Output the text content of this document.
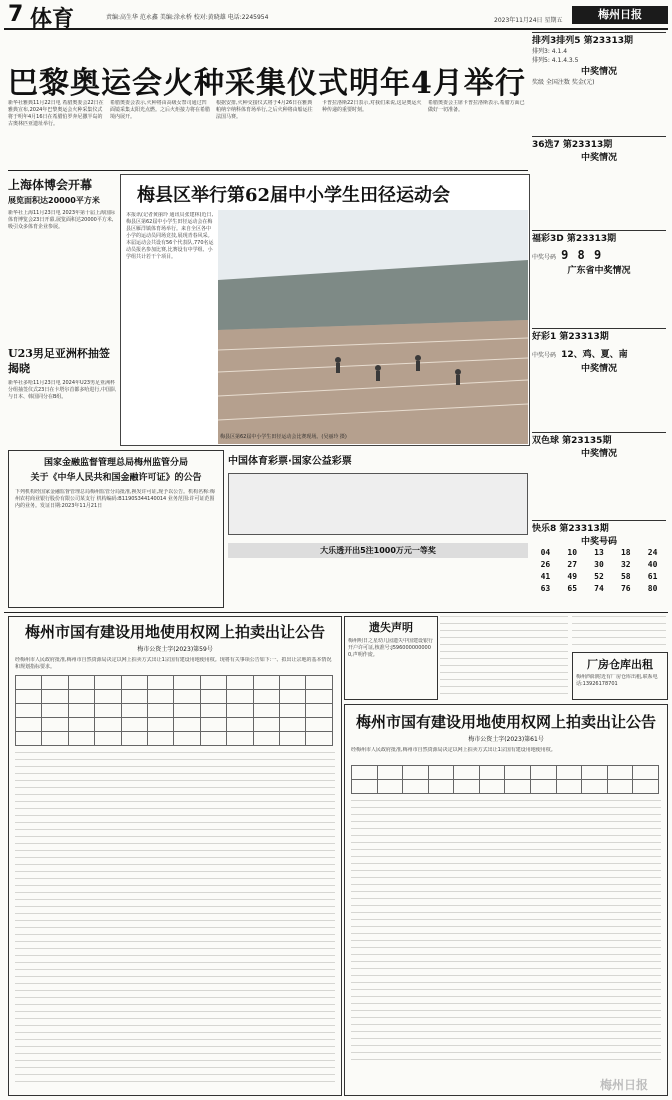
7 体育	责编:高生华 范永鑫 美编:涂永桥 校对:黄晓雄 电话:2245954	2023年11月24日 星期五	梅州日报
巴黎奥运会火种采集仪式明年4月举行
新华社雅典11月22日电 希腊奥委会22日在雅典宣布,2024年巴黎奥运会火种采集仪式将于明年4月16日在希腊伯罗奔尼撒半岛的古奥林匹亚遗址举行。
希腊奥委会表示,火种将由高级女祭司通过凹面镜采集太阳光点燃。之后火炬接力将在希腊境内展开。
根据安排,火种交接仪式将于4月26日在雅典帕纳辛纳科体育场举行,之后火种将由船运往法国马赛。
卡普拉洛斯22日表示,对我们来说,这是奥运火种传递的重要时刻。
希腊奥委会主席卡普拉洛斯表示,希腊方面已做好一切准备。
上海体博会开幕
展览面积达20000平方米
新华社上海11月23日电 2023年第十届上海国际体育博览会23日开幕,展览面积达20000平方米,吸引众多体育企业参展。
U23男足亚洲杯抽签揭晓
新华社多哈11月23日电 2024年U23男足亚洲杯分组抽签仪式23日在卡塔尔首都多哈进行,中国队与日本、韩国同分在B组。
梅县区举行第62届中小学生田径运动会
本报讯(记者黄丽玲 通讯员张建林)近日,梅县区第62届中小学生田径运动会在梅县区雁洋镇体育场举行。来自全区各中小学的运动员同场竞技,展现青春风采。本届运动会共设有56个代表队,770名运动员报名参加比赛,比赛设有中学组、小学组共计若干个项目。
梅县区第62届中小学生田径运动会比赛现场。(吴丽玲 摄)
国家金融监督管理总局梅州监管分局
关于《中华人民共和国金融许可证》的公告
下列机构经国家金融监督管理总局梅州监管分局批准,换发许可证,现予以公告。机构名称:梅州农村商业银行股份有限公司某支行 机构编码:B1190S344140014 业务范围:许可证范围内的业务。发证日期:2023年11月21日
中国体育彩票·国家公益彩票
大乐透开出5注1000万元一等奖
排列3排列5 第23313期
排列3: 4.1.4
排列5: 4.1.4.3.5
中奖情况
奖级 全国注数 奖金(元)
36选7 第23313期
中奖情况
福彩3D 第23313期
中奖号码 9 8 9
广东省中奖情况
好彩1 第23313期
中奖号码 12、鸡、夏、南
中奖情况
双色球 第23135期
中奖情况
快乐8 第23313期
中奖号码
04	10	13	18	24
26	27	30	32	40
41	49	52	58	61
63	65	74	76	80
梅州市国有建设用地使用权网上拍卖出让公告
梅市公资土字(2023)第59号
经梅州市人民政府批准,梅州市自然资源局决定以网上拍卖方式出让1宗国有建设用地使用权。现将有关事项公告如下:一、拟出让宗地的基本情况和规划指标要求。

遗失声明
梅州明日之星幼儿园遗失中国建设银行开户许可证,核准号:J5960000000000,声明作废。
厂房仓库出租
梅州西阳附近有厂房仓库出租,联系电话:13926178701
梅州市国有建设用地使用权网上拍卖出让公告
梅市公资土字(2023)第61号
经梅州市人民政府批准,梅州市自然资源局决定以网上拍卖方式出让1宗国有建设用地使用权。

梅州日报
